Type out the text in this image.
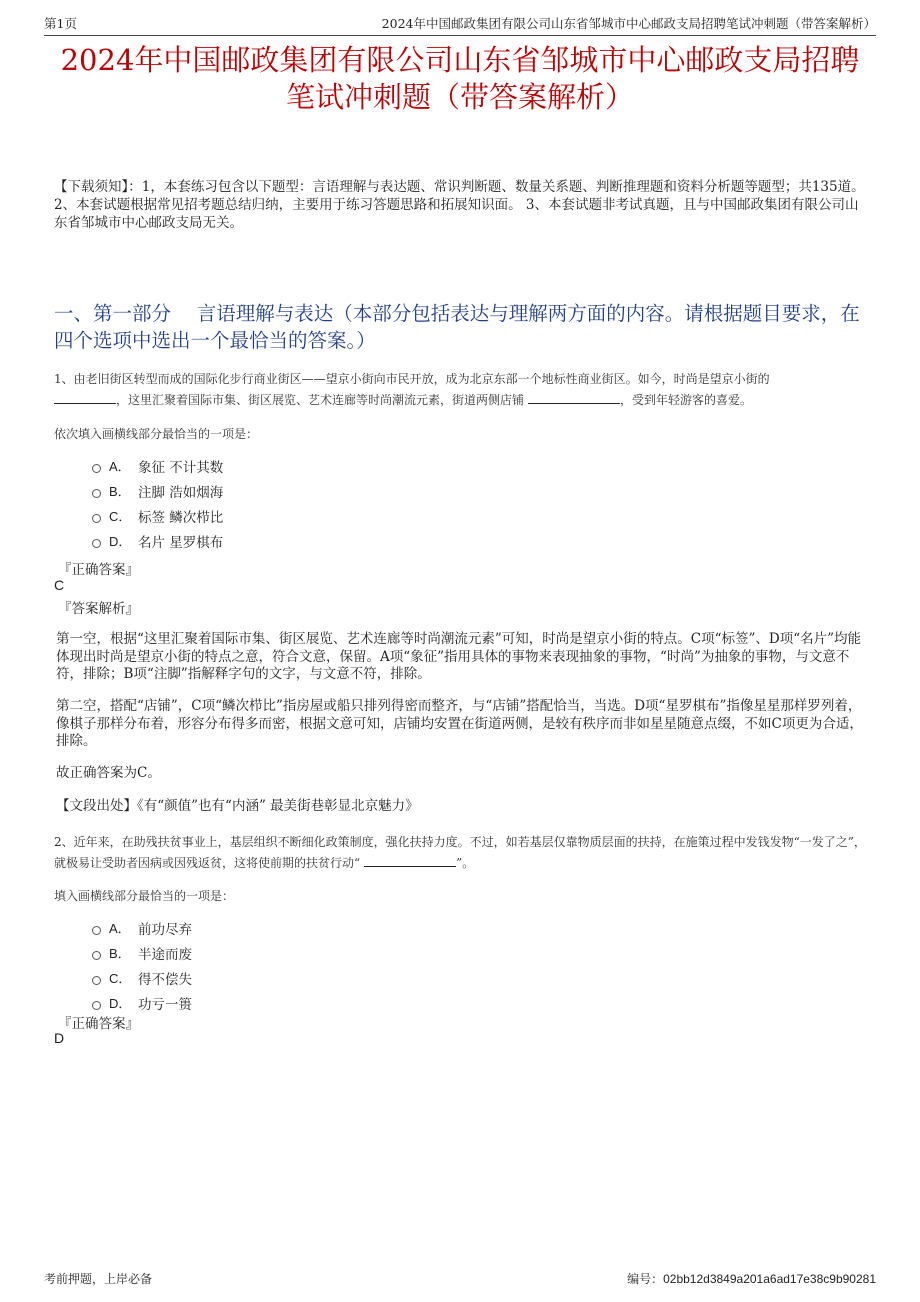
第1页	2024年中国邮政集团有限公司山东省邹城市中心邮政支局招聘笔试冲刺题（带答案解析）
2024年中国邮政集团有限公司山东省邹城市中心邮政支局招聘
笔试冲刺题（带答案解析）

【下载须知】：1，本套练习包含以下题型：言语理解与表达题、常识判断题、数量关系题、判断推理题和资料分析题等题型；共135道。 2、本套试题根据常见招考题总结归纳，主要用于练习答题思路和拓展知识面。 3、本套试题非考试真题，且与中国邮政集团有限公司山东省邹城市中心邮政支局无关。

一、第一部分　 言语理解与表达（本部分包括表达与理解两方面的内容。请根据题目要求，在四个选项中选出一个最恰当的答案。）

1、由老旧街区转型而成的国际化步行商业街区——望京小街向市民开放，成为北京东部一个地标性商业街区。如今，时尚是望京小街的
，这里汇聚着国际市集、街区展览、艺术连廊等时尚潮流元素，街道两侧店铺	，受到年轻游客的喜爱。

依次填入画横线部分最恰当的一项是：

A． 象征 不计其数
B． 注脚 浩如烟海
C． 标签 鳞次栉比
D． 名片 星罗棋布
『正确答案』
C
『答案解析』

第一空，根据“这里汇聚着国际市集、街区展览、艺术连廊等时尚潮流元素”可知，时尚是望京小街的特点。C项“标签”、D项“名片”均能体现出时尚是望京小街的特点之意，符合文意，保留。A项“象征”指用具体的事物来表现抽象的事物，“时尚”为抽象的事物，与文意不符，排除；B项“注脚”指解释字句的文字，与文意不符，排除。

第二空，搭配“店铺”，C项“鳞次栉比”指房屋或船只排列得密而整齐，与“店铺”搭配恰当，当选。D项“星罗棋布”指像星星那样罗列着，像棋子那样分布着，形容分布得多而密，根据文意可知，店铺均安置在街道两侧，是较有秩序而非如星星随意点缀，不如C项更为合适，排除。

故正确答案为C。

【文段出处】《有“颜值”也有“内涵” 最美街巷彰显北京魅力》

2、近年来，在助残扶贫事业上，基层组织不断细化政策制度，强化扶持力度。不过，如若基层仅靠物质层面的扶持，在施策过程中发钱发物“一发了之”，就极易让受助者因病或因残返贫，这将使前期的扶贫行动“	”。

填入画横线部分最恰当的一项是：

A． 前功尽弃
B． 半途而废
C． 得不偿失
D． 功亏一篑
『正确答案』
D
考前押题，上岸必备	编号：02bb12d3849a201a6ad17e38c9b90281
